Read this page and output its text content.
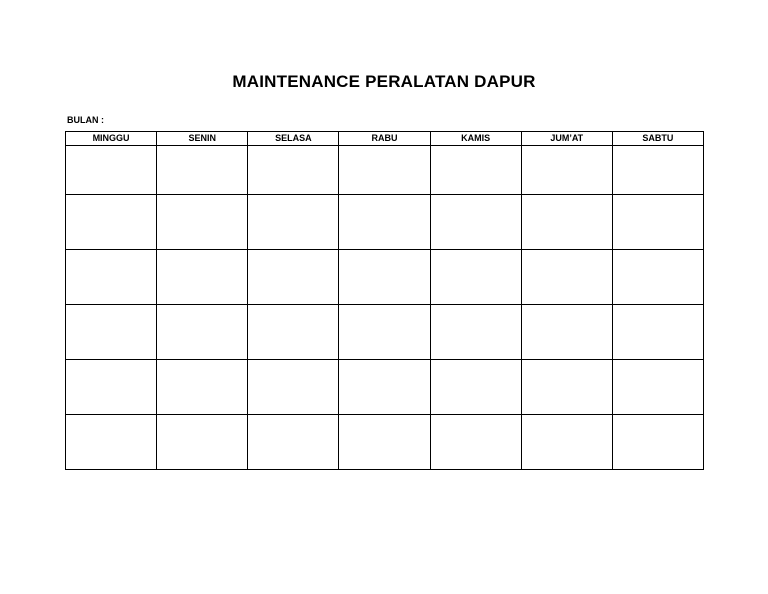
MAINTENANCE PERALATAN DAPUR
BULAN :
MINGGU	SENIN	SELASA	RABU	KAMIS	JUM’AT	SABTU
